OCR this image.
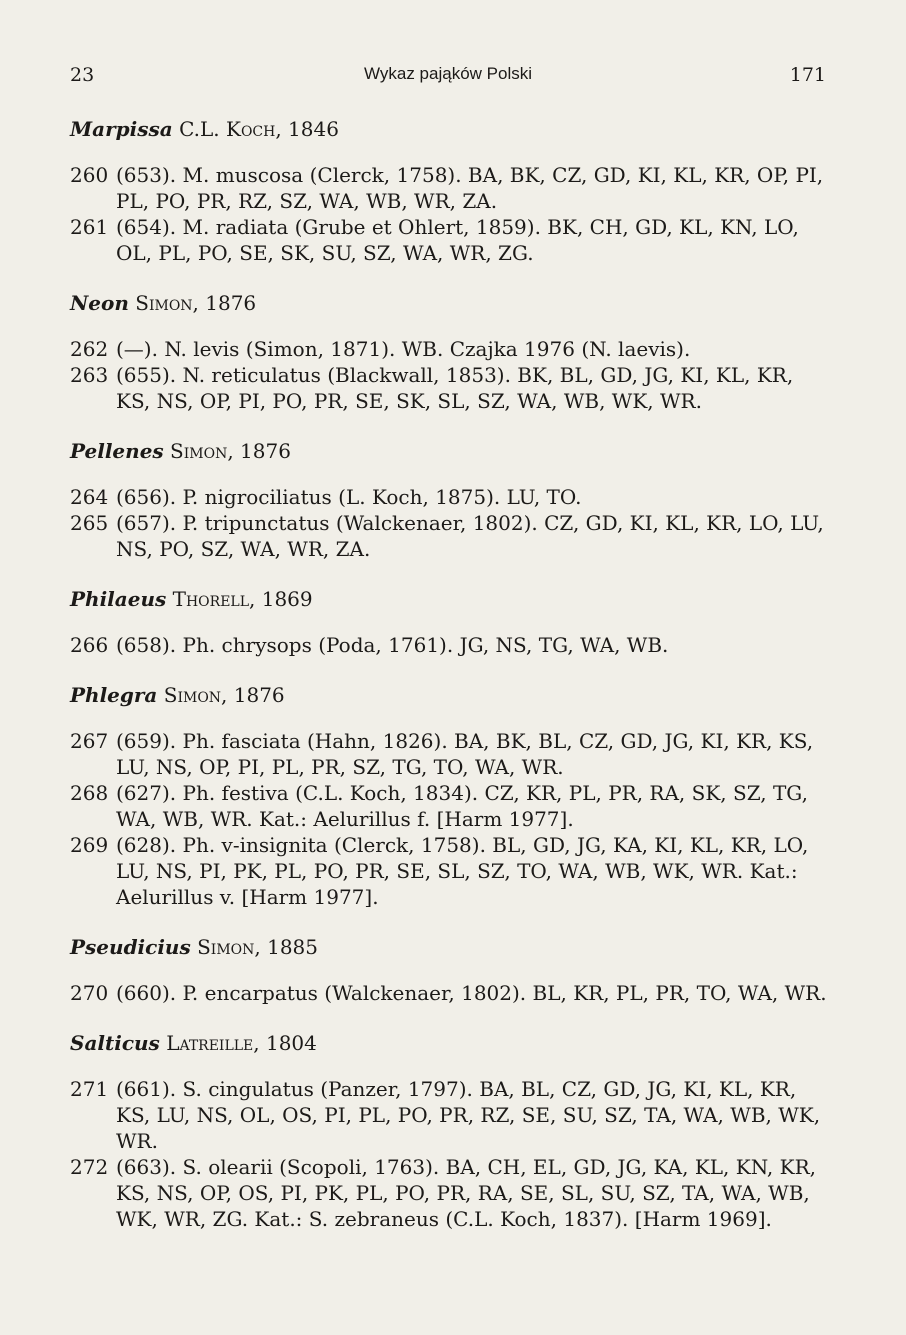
23	Wykaz pająków Polski	171
Marpissa C.L. Koch, 1846
260 (653). M. muscosa (Clerck, 1758). BA, BK, CZ, GD, KI, KL, KR, OP, PI, PL, PO, PR, RZ, SZ, WA, WB, WR, ZA.
261 (654). M. radiata (Grube et Ohlert, 1859). BK, CH, GD, KL, KN, LO, OL, PL, PO, SE, SK, SU, SZ, WA, WR, ZG.
Neon Simon, 1876
262 (—). N. levis (Simon, 1871). WB. Czajka 1976 (N. laevis).
263 (655). N. reticulatus (Blackwall, 1853). BK, BL, GD, JG, KI, KL, KR, KS, NS, OP, PI, PO, PR, SE, SK, SL, SZ, WA, WB, WK, WR.
Pellenes Simon, 1876
264 (656). P. nigrociliatus (L. Koch, 1875). LU, TO.
265 (657). P. tripunctatus (Walckenaer, 1802). CZ, GD, KI, KL, KR, LO, LU, NS, PO, SZ, WA, WR, ZA.
Philaeus Thorell, 1869
266 (658). Ph. chrysops (Poda, 1761). JG, NS, TG, WA, WB.
Phlegra Simon, 1876
267 (659). Ph. fasciata (Hahn, 1826). BA, BK, BL, CZ, GD, JG, KI, KR, KS, LU, NS, OP, PI, PL, PR, SZ, TG, TO, WA, WR.
268 (627). Ph. festiva (C.L. Koch, 1834). CZ, KR, PL, PR, RA, SK, SZ, TG, WA, WB, WR. Kat.: Aelurillus f. [Harm 1977].
269 (628). Ph. v-insignita (Clerck, 1758). BL, GD, JG, KA, KI, KL, KR, LO, LU, NS, PI, PK, PL, PO, PR, SE, SL, SZ, TO, WA, WB, WK, WR. Kat.: Aelurillus v. [Harm 1977].
Pseudicius Simon, 1885
270 (660). P. encarpatus (Walckenaer, 1802). BL, KR, PL, PR, TO, WA, WR.
Salticus Latreille, 1804
271 (661). S. cingulatus (Panzer, 1797). BA, BL, CZ, GD, JG, KI, KL, KR, KS, LU, NS, OL, OS, PI, PL, PO, PR, RZ, SE, SU, SZ, TA, WA, WB, WK, WR.
272 (663). S. olearii (Scopoli, 1763). BA, CH, EL, GD, JG, KA, KL, KN, KR, KS, NS, OP, OS, PI, PK, PL, PO, PR, RA, SE, SL, SU, SZ, TA, WA, WB, WK, WR, ZG. Kat.: S. zebraneus (C.L. Koch, 1837). [Harm 1969].
